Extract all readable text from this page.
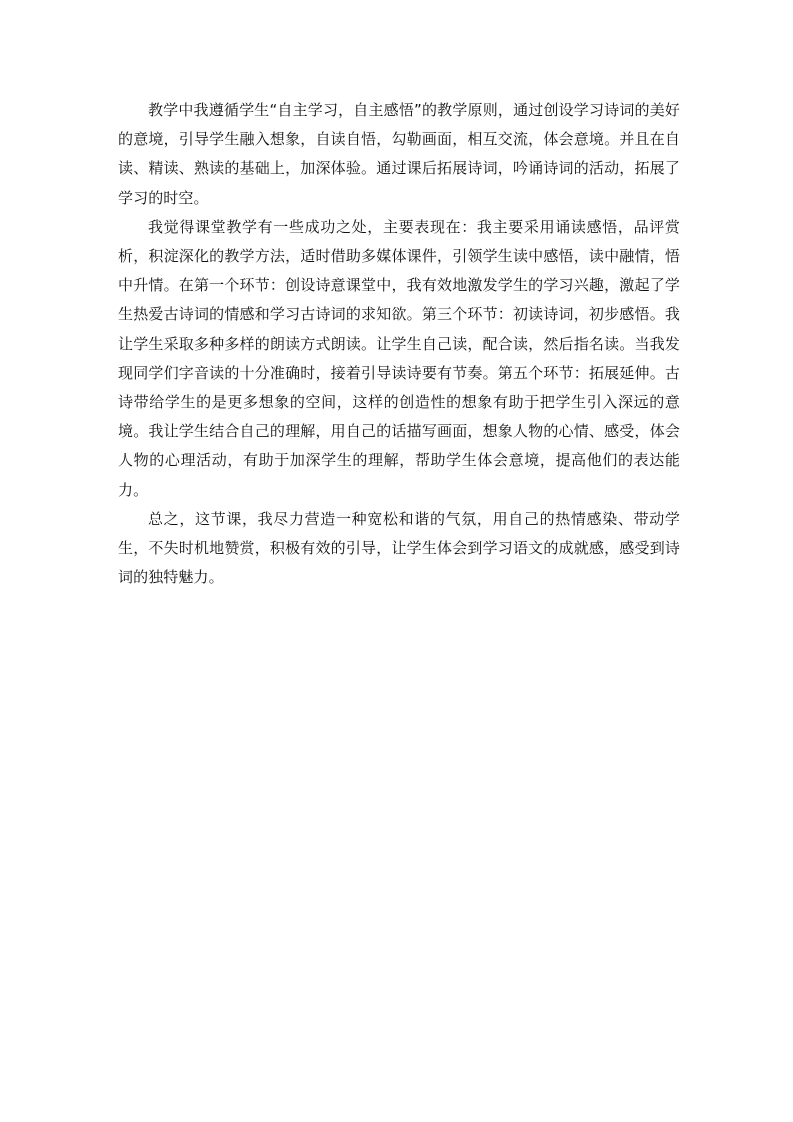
教学中我遵循学生“自主学习，自主感悟”的教学原则，通过创设学习诗词的美好的意境，引导学生融入想象，自读自悟，勾勒画面，相互交流，体会意境。并且在自读、精读、熟读的基础上，加深体验。通过课后拓展诗词，吟诵诗词的活动，拓展了学习的时空。

我觉得课堂教学有一些成功之处，主要表现在：我主要采用诵读感悟，品评赏析，积淀深化的教学方法，适时借助多媒体课件，引领学生读中感悟，读中融情，悟中升情。在第一个环节：创设诗意课堂中，我有效地激发学生的学习兴趣，激起了学生热爱古诗词的情感和学习古诗词的求知欲。第三个环节：初读诗词，初步感悟。我让学生采取多种多样的朗读方式朗读。让学生自己读，配合读，然后指名读。当我发现同学们字音读的十分准确时，接着引导读诗要有节奏。第五个环节：拓展延伸。古诗带给学生的是更多想象的空间，这样的创造性的想象有助于把学生引入深远的意境。我让学生结合自己的理解，用自己的话描写画面，想象人物的心情、感受，体会人物的心理活动，有助于加深学生的理解，帮助学生体会意境，提高他们的表达能力。

总之，这节课，我尽力营造一种宽松和谐的气氛，用自己的热情感染、带动学生，不失时机地赞赏，积极有效的引导，让学生体会到学习语文的成就感，感受到诗词的独特魅力。
